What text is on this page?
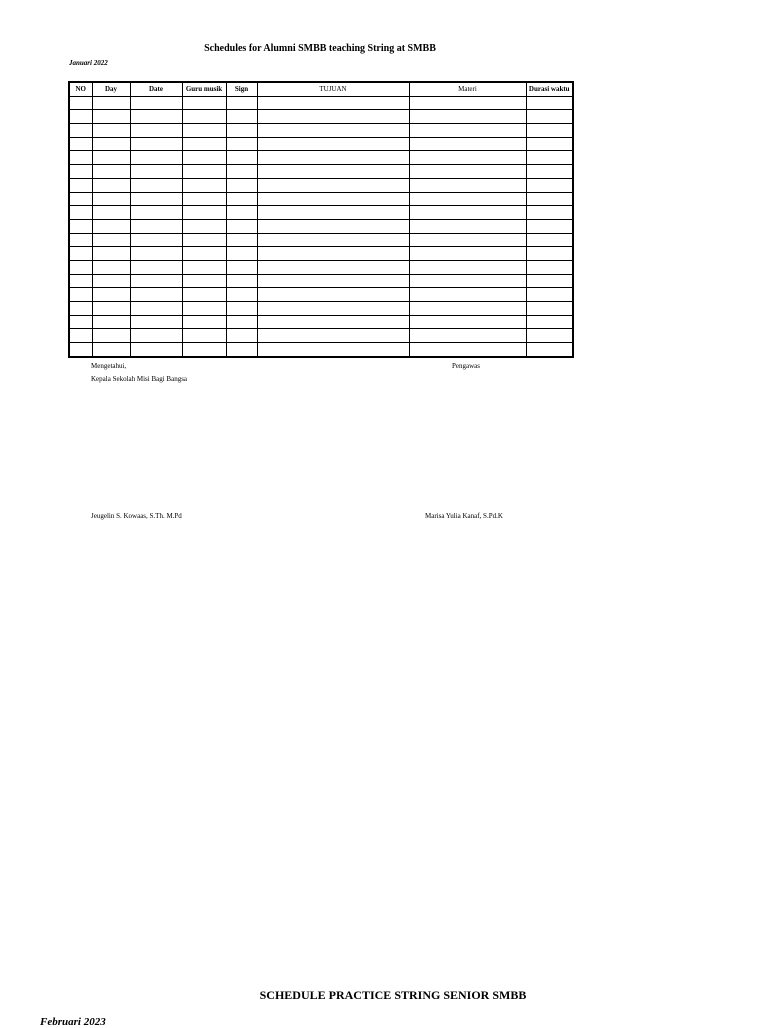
Schedules for Alumni SMBB teaching String at SMBB
Januari 2022
NO	Day	Date	Guru musik	Sign	TUJUAN	Materi	Durasi waktu

Mengetahui,
Kepala Sekolah Misi Bagi Bangsa
Pengawas
Jeugelin S. Kowaas, S.Th. M.Pd	Marisa Yulia Kanaf, S.Pd.K
SCHEDULE PRACTICE STRING SENIOR SMBB
Februari 2023
